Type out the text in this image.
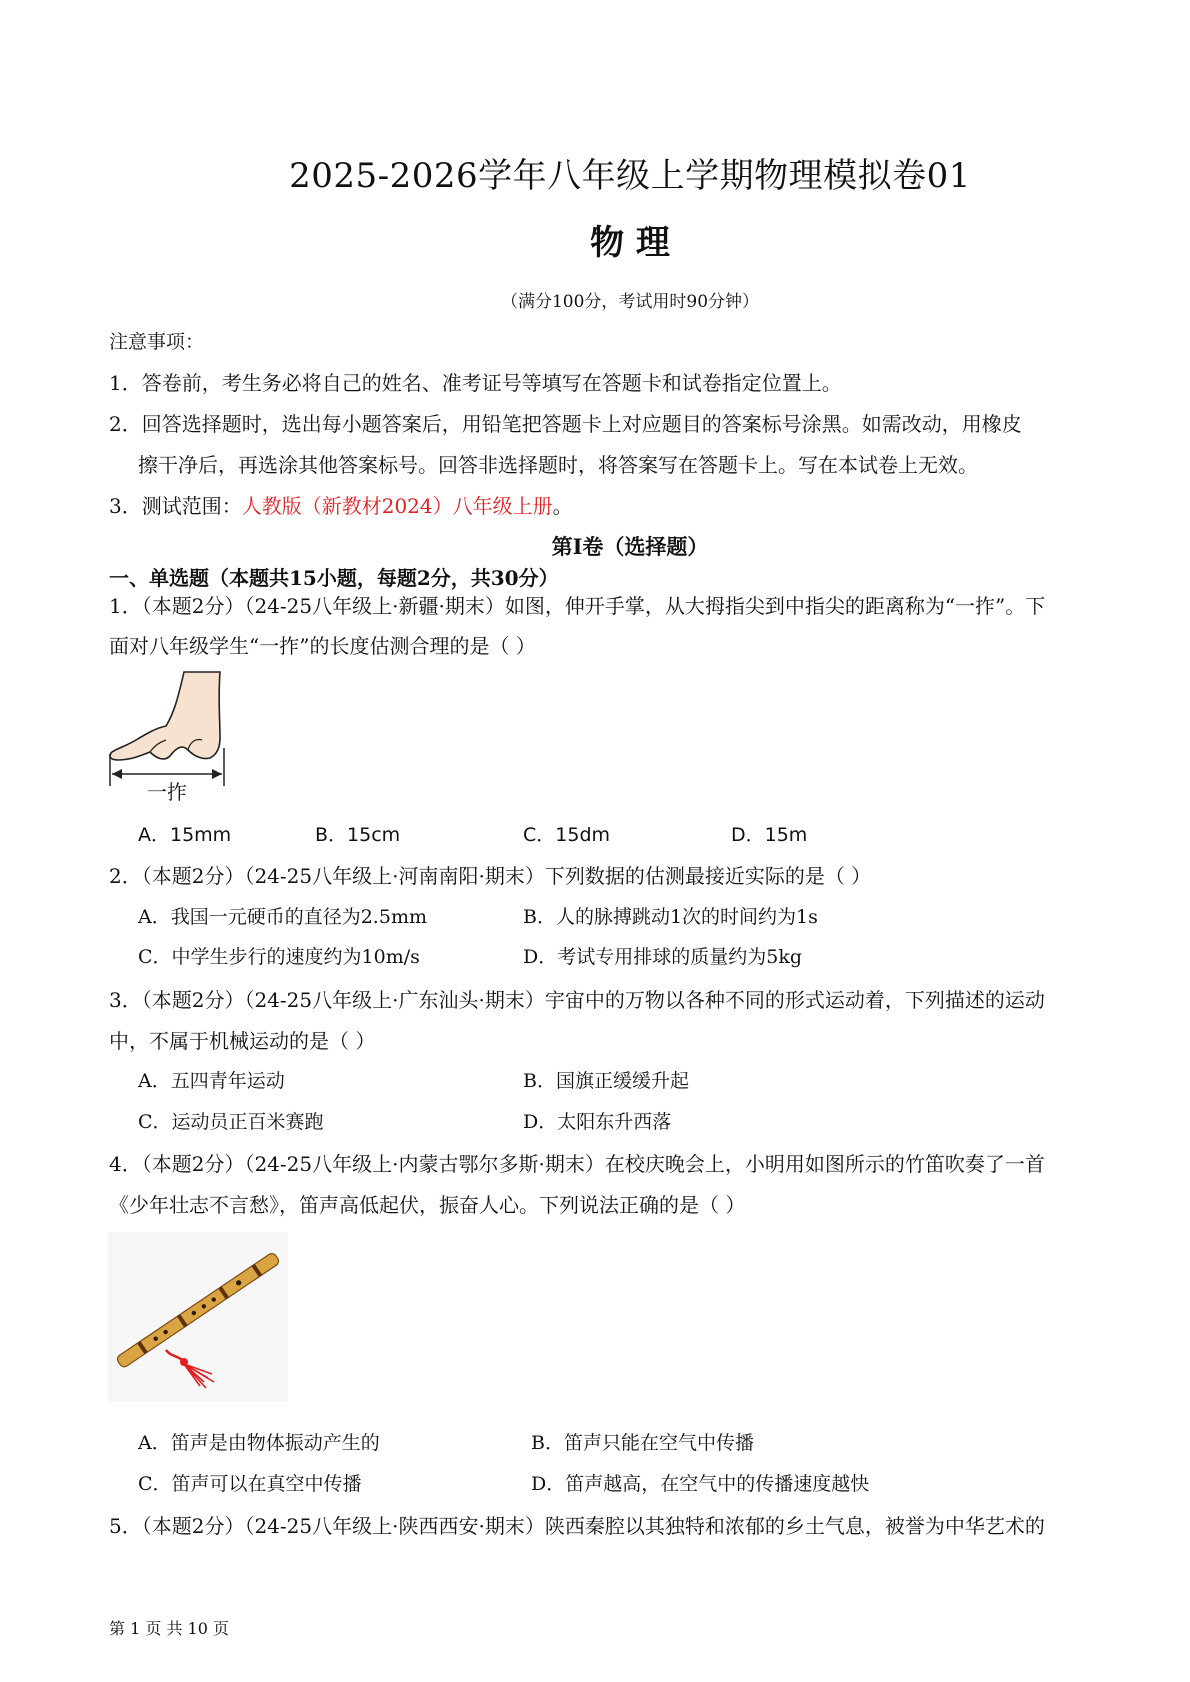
2025-2026学年八年级上学期物理模拟卷01
物 理
（满分100分，考试用时90分钟）
注意事项：
1．答卷前，考生务必将自己的姓名、准考证号等填写在答题卡和试卷指定位置上。
2．回答选择题时，选出每小题答案后，用铅笔把答题卡上对应题目的答案标号涂黑。如需改动，用橡皮
擦干净后，再选涂其他答案标号。回答非选择题时，将答案写在答题卡上。写在本试卷上无效。
3．测试范围：人教版（新教材2024）八年级上册。
第Ⅰ卷（选择题）
一、单选题（本题共15小题，每题2分，共30分）
1．（本题2分）（24-25八年级上·新疆·期末）如图，伸开手掌，从大拇指尖到中指尖的距离称为“一拃”。下
面对八年级学生“一拃”的长度估测合理的是（ ）
一拃
A．15mm	B．15cm	C．15dm	D．15m
2．（本题2分）（24-25八年级上·河南南阳·期末）下列数据的估测最接近实际的是（ ）
A．我国一元硬币的直径为2.5mm	B．人的脉搏跳动1次的时间约为1s
C．中学生步行的速度约为10m/s	D．考试专用排球的质量约为5kg
3．（本题2分）（24-25八年级上·广东汕头·期末）宇宙中的万物以各种不同的形式运动着，下列描述的运动
中，不属于机械运动的是（ ）
A．五四青年运动	B．国旗正缓缓升起
C．运动员正百米赛跑	D．太阳东升西落
4．（本题2分）（24-25八年级上·内蒙古鄂尔多斯·期末）在校庆晚会上，小明用如图所示的竹笛吹奏了一首
《少年壮志不言愁》，笛声高低起伏，振奋人心。下列说法正确的是（ ）
A．笛声是由物体振动产生的	B．笛声只能在空气中传播
C．笛声可以在真空中传播	D．笛声越高，在空气中的传播速度越快
5．（本题2分）（24-25八年级上·陕西西安·期末）陕西秦腔以其独特和浓郁的乡土气息，被誉为中华艺术的
第 1 页 共 10 页
